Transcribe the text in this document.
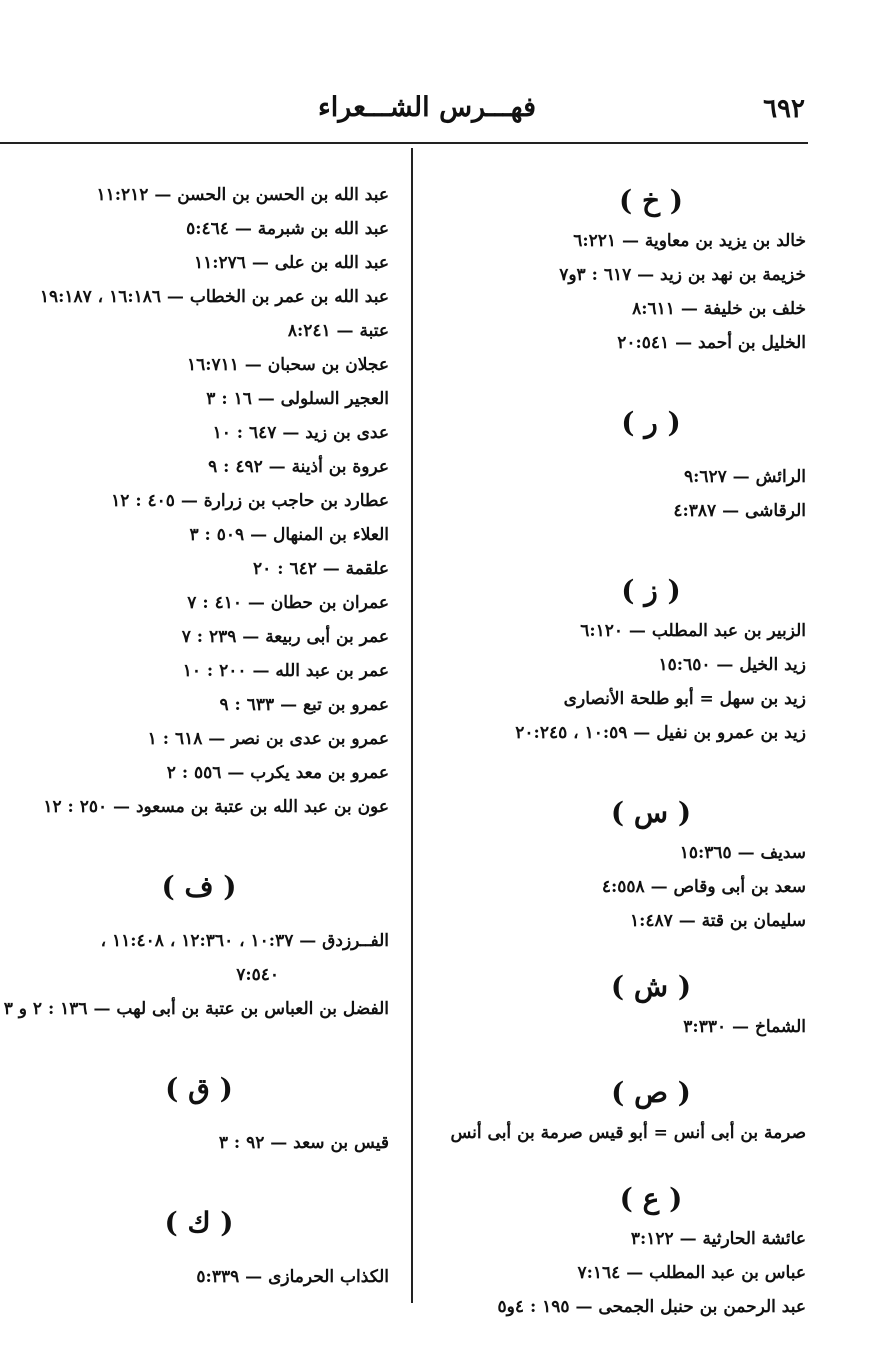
فهـــرس الشـــعراء	٦٩٢
( خ )
خالد بن يزيد بن معاوية — ٦:٢٢١
خزيمة بن نهد بن زيد — ٦١٧ : ٣و٧
خلف بن خليفة — ٨:٦١١
الخليل بن أحمد — ٢٠:٥٤١
( ر )
الرائش — ٩:٦٢٧
الرقاشى — ٤:٣٨٧
( ز )
الزبير بن عبد المطلب — ٦:١٢٠
زيد الخيل — ١٥:٦٥٠
زيد بن سهل = أبو طلحة الأنصارى
زيد بن عمرو بن نفيل — ١٠:٥٩ ، ٢٠:٢٤٥
( س )
سديف — ١٥:٣٦٥
سعد بن أبى وقاص — ٤:٥٥٨
سليمان بن قتة — ١:٤٨٧
( ش )
الشماخ — ٣:٣٣٠
( ص )
صرمة بن أبى أنس = أبو قيس صرمة بن أبى أنس
( ع )
عائشة الحارثية — ٣:١٢٢
عباس بن عبد المطلب — ٧:١٦٤
عبد الرحمن بن حنبل الجمحى — ١٩٥ : ٤و٥
عبد الله بن الحسن بن الحسن — ١١:٢١٢
عبد الله بن شبرمة — ٥:٤٦٤
عبد الله بن على — ١١:٢٧٦
عبد الله بن عمر بن الخطاب — ١٦:١٨٦ ، ١٩:١٨٧
عتبة — ٨:٢٤١
عجلان بن سحبان — ١٦:٧١١
العجير السلولى — ١٦ : ٣
عدى بن زيد — ٦٤٧ : ١٠
عروة بن أذينة — ٤٩٢ : ٩
عطارد بن حاجب بن زرارة — ٤٠٥ : ١٢
العلاء بن المنهال — ٥٠٩ : ٣
علقمة — ٦٤٢ : ٢٠
عمران بن حطان — ٤١٠ : ٧
عمر بن أبى ربيعة — ٢٣٩ : ٧
عمر بن عبد الله — ٢٠٠ : ١٠
عمرو بن تبع — ٦٣٣ : ٩
عمرو بن عدى بن نصر — ٦١٨ : ١
عمرو بن معد يكرب — ٥٥٦ : ٢
عون بن عبد الله بن عتبة بن مسعود — ٢٥٠ : ١٢
( ف )
الفــرزدق — ١٠:٣٧ ، ١٢:٣٦٠ ، ١١:٤٠٨ ،
٧:٥٤٠
الفضل بن العباس بن عتبة بن أبى لهب — ١٣٦ : ٢ و ٣
( ق )
قيس بن سعد — ٩٢ : ٣
( ك )
الكذاب الحرمازى — ٥:٣٣٩
